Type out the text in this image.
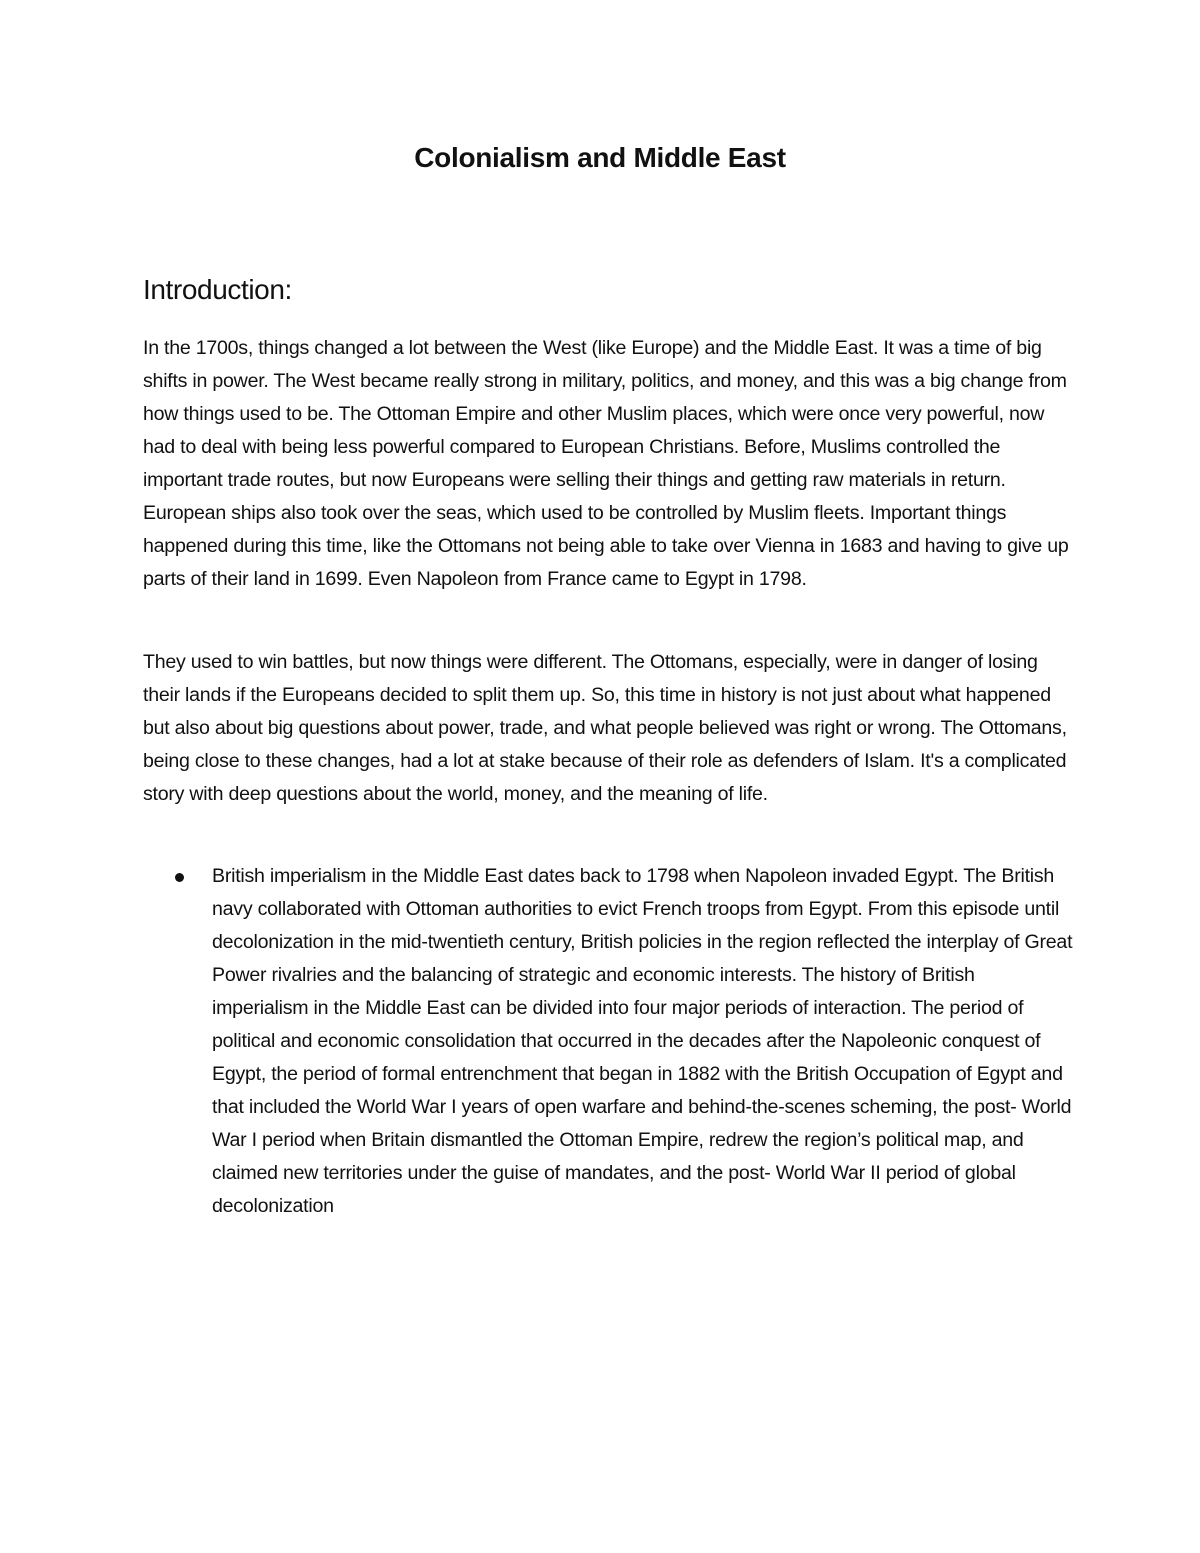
Colonialism and Middle East
Introduction:

In the 1700s, things changed a lot between the West (like Europe) and the Middle East. It was a time of big shifts in power. The West became really strong in military, politics, and money, and this was a big change from how things used to be. The Ottoman Empire and other Muslim places, which were once very powerful, now had to deal with being less powerful compared to European Christians. Before, Muslims controlled the important trade routes, but now Europeans were selling their things and getting raw materials in return. European ships also took over the seas, which used to be controlled by Muslim fleets. Important things happened during this time, like the Ottomans not being able to take over Vienna in 1683 and having to give up parts of their land in 1699. Even Napoleon from France came to Egypt in 1798.

They used to win battles, but now things were different. The Ottomans, especially, were in danger of losing their lands if the Europeans decided to split them up. So, this time in history is not just about what happened but also about big questions about power, trade, and what people believed was right or wrong. The Ottomans, being close to these changes, had a lot at stake because of their role as defenders of Islam. It's a complicated story with deep questions about the world, money, and the meaning of life.

British imperialism in the Middle East dates back to 1798 when Napoleon invaded Egypt. The British navy collaborated with Ottoman authorities to evict French troops from Egypt. From this episode until decolonization in the mid-twentieth century, British policies in the region reflected the interplay of Great Power rivalries and the balancing of strategic and economic interests. The history of British imperialism in the Middle East can be divided into four major periods of interaction. The period of political and economic consolidation that occurred in the decades after the Napoleonic conquest of Egypt, the period of formal entrenchment that began in 1882 with the British Occupation of Egypt and that included the World War I years of open warfare and behind-the-scenes scheming, the post- World War I period when Britain dismantled the Ottoman Empire, redrew the region’s political map, and claimed new territories under the guise of mandates, and the post- World War II period of global decolonization
